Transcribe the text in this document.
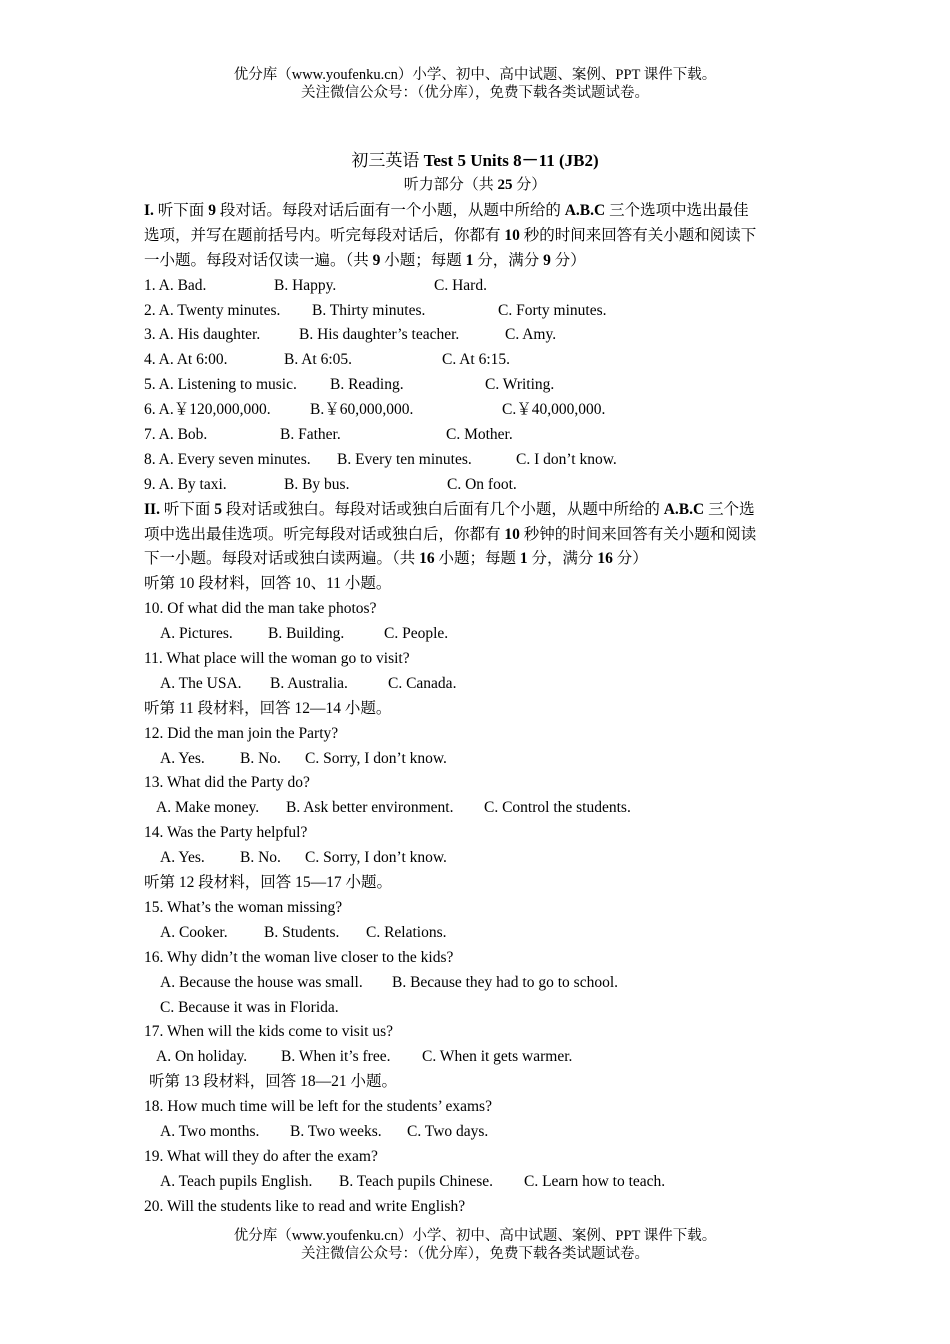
优分库（www.youfenku.cn）小学、初中、高中试题、案例、PPT 课件下载。
关注微信公众号：（优分库），免费下载各类试题试卷。
初三英语 Test 5 Units 8－11 (JB2)
听力部分（共 25 分）
I. 听下面 9 段对话。每段对话后面有一个小题，从题中所给的 A.B.C 三个选项中选出最佳
选项，并写在题前括号内。听完每段对话后，你都有 10 秒的时间来回答有关小题和阅读下
一小题。每段对话仅读一遍。（共 9 小题；每题 1 分，满分 9 分）
1. A. Bad.	B. Happy.	C. Hard.
2. A. Twenty minutes. B. Thirty minutes.	C. Forty minutes.
3. A. His daughter.	B. His daughter’s teacher.	C. Amy.
4. A. At 6:00.	B. At 6:05.	C. At 6:15.
5. A. Listening to music. B. Reading.	C. Writing.
6. A.￥120,000,000.	B.￥60,000,000.	C.￥40,000,000.
7. A. Bob.	B. Father.	C. Mother.
8. A. Every seven minutes. B. Every ten minutes.	C. I don’t know.
9. A. By taxi.	B. By bus.	C. On foot.
II. 听下面 5 段对话或独白。每段对话或独白后面有几个小题，从题中所给的 A.B.C 三个选
项中选出最佳选项。听完每段对话或独白后，你都有 10 秒钟的时间来回答有关小题和阅读
下一小题。每段对话或独白读两遍。（共 16 小题；每题 1 分，满分 16 分）
听第 10 段材料，回答 10、11 小题。
10. Of what did the man take photos?
A. Pictures. B. Building.	C. People.
11. What place will the woman go to visit?
A. The USA. B. Australia.	C. Canada.
听第 11 段材料，回答 12—14 小题。
12. Did the man join the Party?
A. Yes. B. No. C. Sorry, I don’t know.
13. What did the Party do?
A. Make money. B. Ask better environment. C. Control the students.
14. Was the Party helpful?
A. Yes. B. No. C. Sorry, I don’t know.
听第 12 段材料，回答 15—17 小题。
15. What’s the woman missing?
A. Cooker. B. Students. C. Relations.
16. Why didn’t the woman live closer to the kids?
A. Because the house was small. B. Because they had to go to school.
C. Because it was in Florida.
17. When will the kids come to visit us?
A. On holiday. B. When it’s free. C. When it gets warmer.
听第 13 段材料，回答 18—21 小题。
18. How much time will be left for the students’ exams?
A. Two months. B. Two weeks. C. Two days.
19. What will they do after the exam?
A. Teach pupils English. B. Teach pupils Chinese. C. Learn how to teach.
20. Will the students like to read and write English?
优分库（www.youfenku.cn）小学、初中、高中试题、案例、PPT 课件下载。
关注微信公众号：（优分库），免费下载各类试题试卷。
